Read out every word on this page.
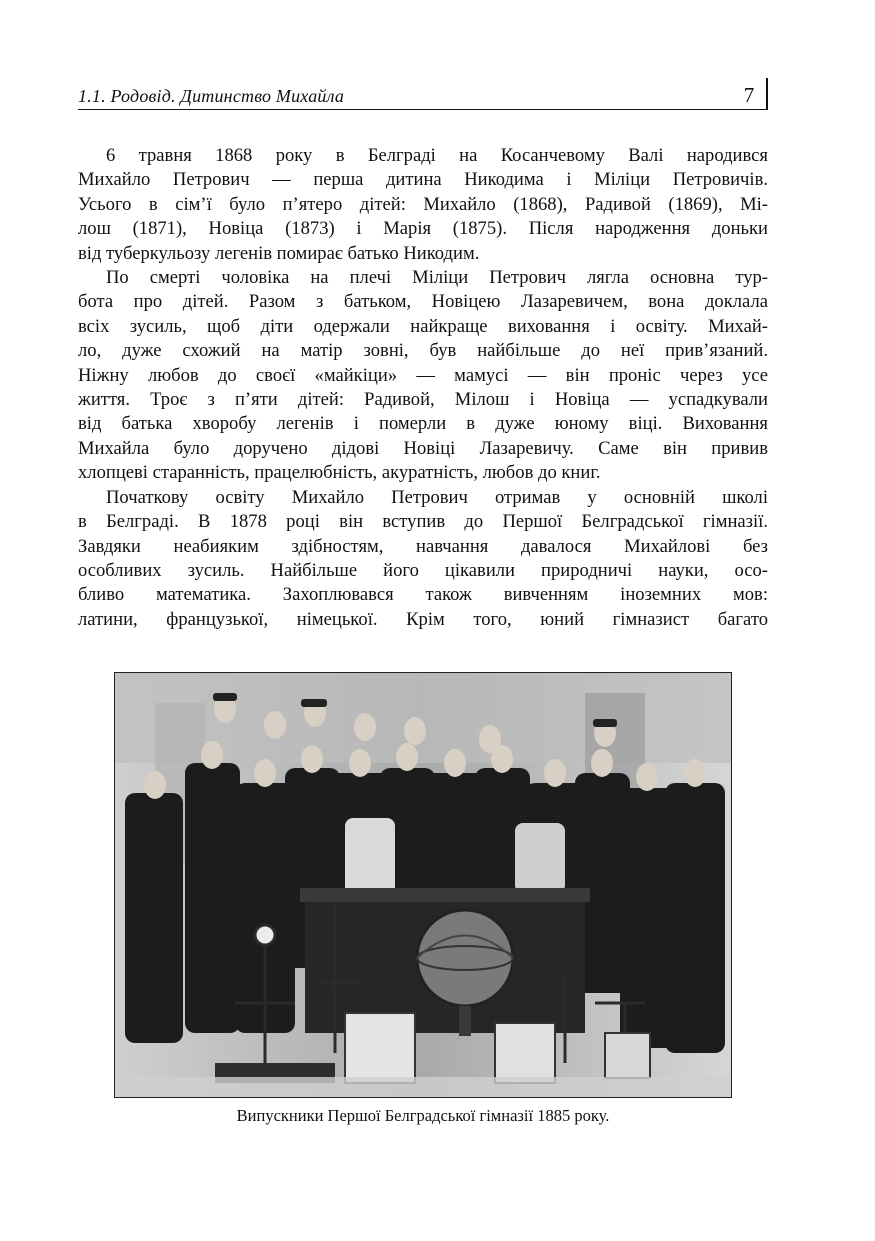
1.1. Родовід. Дитинство Михайла	7

6 травня 1868 року в Белграді на Косанчевому Валі народився
Михайло Петрович — перша дитина Никодима і Міліци Петровичів.
Усього в сім’ї було п’ятеро дітей: Михайло (1868), Радивой (1869), Мі-
лош (1871), Новіца (1873) і Марія (1875). Після народження доньки
від туберкульозу легенів помирає батько Никодим.

По смерті чоловіка на плечі Міліци Петрович лягла основна тур-
бота про дітей. Разом з батьком, Новіцею Лазаревичем, вона доклала
всіх зусиль, щоб діти одержали найкраще виховання і освіту. Михай-
ло, дуже схожий на матір зовні, був найбільше до неї прив’язаний.
Ніжну любов до своєї «майкіци» — мамусі — він проніс через усе
життя. Троє з п’яти дітей: Радивой, Мілош і Новіца — успадкували
від батька хворобу легенів і померли в дуже юному віці. Виховання
Михайла було доручено дідові Новіці Лазаревичу. Саме він привив
хлопцеві старанність, працелюбність, акуратність, любов до книг.

Початкову освіту Михайло Петрович отримав у основній школі
в Белграді. В 1878 році він вступив до Першої Белградської гімназії.
Завдяки неабияким здібностям, навчання давалося Михайлові без
особливих зусиль. Найбільше його цікавили природничі науки, осо-
бливо математика. Захоплювався також вивченням іноземних мов:
латини, французької, німецької. Крім того, юний гімназист багато

Випускники Першої Белградської гімназії 1885 року.
